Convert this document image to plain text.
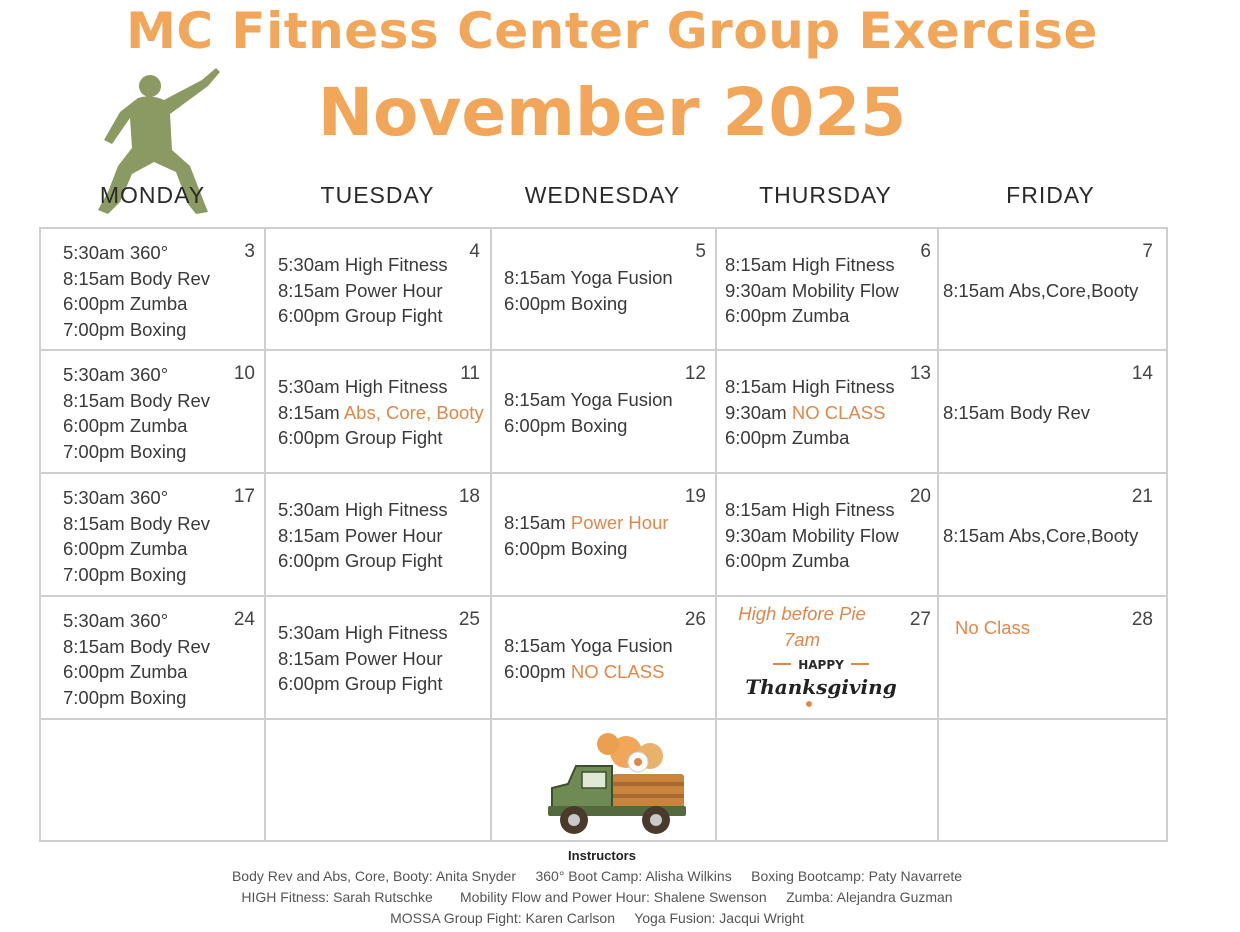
MC Fitness Center Group Exercise
November 2025
MONDAY	TUESDAY	WEDNESDAY	THURSDAY	FRIDAY
3
5:30am 360°
8:15am Body Rev
6:00pm Zumba
7:00pm Boxing
4
5:30am High Fitness
8:15am Power Hour
6:00pm Group Fight
5
8:15am Yoga Fusion
6:00pm Boxing
6
8:15am High Fitness
9:30am Mobility Flow
6:00pm Zumba
7
8:15am Abs,Core,Booty
10
5:30am 360°
8:15am Body Rev
6:00pm Zumba
7:00pm Boxing
11
5:30am High Fitness
8:15am Abs, Core, Booty
6:00pm Group Fight
12
8:15am Yoga Fusion
6:00pm Boxing
13
8:15am High Fitness
9:30am NO CLASS
6:00pm Zumba
14
8:15am Body Rev
17
5:30am 360°
8:15am Body Rev
6:00pm Zumba
7:00pm Boxing
18
5:30am High Fitness
8:15am Power Hour
6:00pm Group Fight
19
8:15am Power Hour
6:00pm Boxing
20
8:15am High Fitness
9:30am Mobility Flow
6:00pm Zumba
21
8:15am Abs,Core,Booty
24
5:30am 360°
8:15am Body Rev
6:00pm Zumba
7:00pm Boxing
25
5:30am High Fitness
8:15am Power Hour
6:00pm Group Fight
26
8:15am Yoga Fusion
6:00pm NO CLASS
27
High before Pie
7am
28
No Class
HAPPY
Thanksgiving
Instructors
Body Rev and Abs, Core, Booty: Anita Snyder     360° Boot Camp: Alisha Wilkins     Boxing Bootcamp: Paty Navarrete
HIGH Fitness: Sarah Rutschke       Mobility Flow and Power Hour: Shalene Swenson     Zumba: Alejandra Guzman
MOSSA Group Fight: Karen Carlson     Yoga Fusion: Jacqui Wright
